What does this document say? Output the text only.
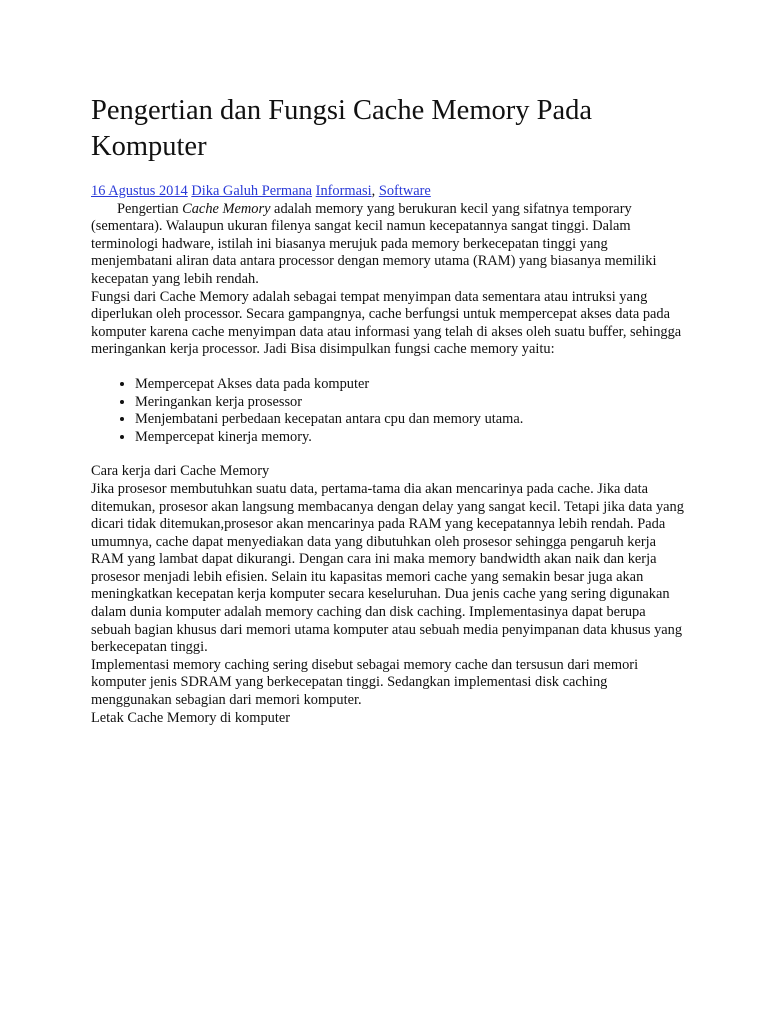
Pengertian dan Fungsi Cache Memory Pada Komputer
16 Agustus 2014 Dika Galuh Permana Informasi, Software

Pengertian Cache Memory adalah memory yang berukuran kecil yang sifatnya temporary (sementara). Walaupun ukuran filenya sangat kecil namun kecepatannya sangat tinggi. Dalam terminologi hadware, istilah ini biasanya merujuk pada memory berkecepatan tinggi yang menjembatani aliran data antara processor dengan memory utama (RAM) yang biasanya memiliki kecepatan yang lebih rendah.

Fungsi dari Cache Memory adalah sebagai tempat menyimpan data sementara atau intruksi yang diperlukan oleh processor. Secara gampangnya, cache berfungsi untuk mempercepat akses data pada komputer karena cache menyimpan data atau informasi yang telah di akses oleh suatu buffer, sehingga meringankan kerja processor. Jadi Bisa disimpulkan fungsi cache memory yaitu:

• Mempercepat Akses data pada komputer
• Meringankan kerja prosessor
• Menjembatani perbedaan kecepatan antara cpu dan memory utama.
• Mempercepat kinerja memory.

Cara kerja dari Cache Memory

Jika prosesor membutuhkan suatu data, pertama-tama dia akan mencarinya pada cache. Jika data ditemukan, prosesor akan langsung membacanya dengan delay yang sangat kecil. Tetapi jika data yang dicari tidak ditemukan,prosesor akan mencarinya pada RAM yang kecepatannya lebih rendah. Pada umumnya, cache dapat menyediakan data yang dibutuhkan oleh prosesor sehingga pengaruh kerja RAM yang lambat dapat dikurangi. Dengan cara ini maka memory bandwidth akan naik dan kerja prosesor menjadi lebih efisien. Selain itu kapasitas memori cache yang semakin besar juga akan meningkatkan kecepatan kerja komputer secara keseluruhan. Dua jenis cache yang sering digunakan dalam dunia komputer adalah memory caching dan disk caching. Implementasinya dapat berupa sebuah bagian khusus dari memori utama komputer atau sebuah media penyimpanan data khusus yang berkecepatan tinggi.

Implementasi memory caching sering disebut sebagai memory cache dan tersusun dari memori komputer jenis SDRAM yang berkecepatan tinggi. Sedangkan implementasi disk caching menggunakan sebagian dari memori komputer.

Letak Cache Memory di komputer
